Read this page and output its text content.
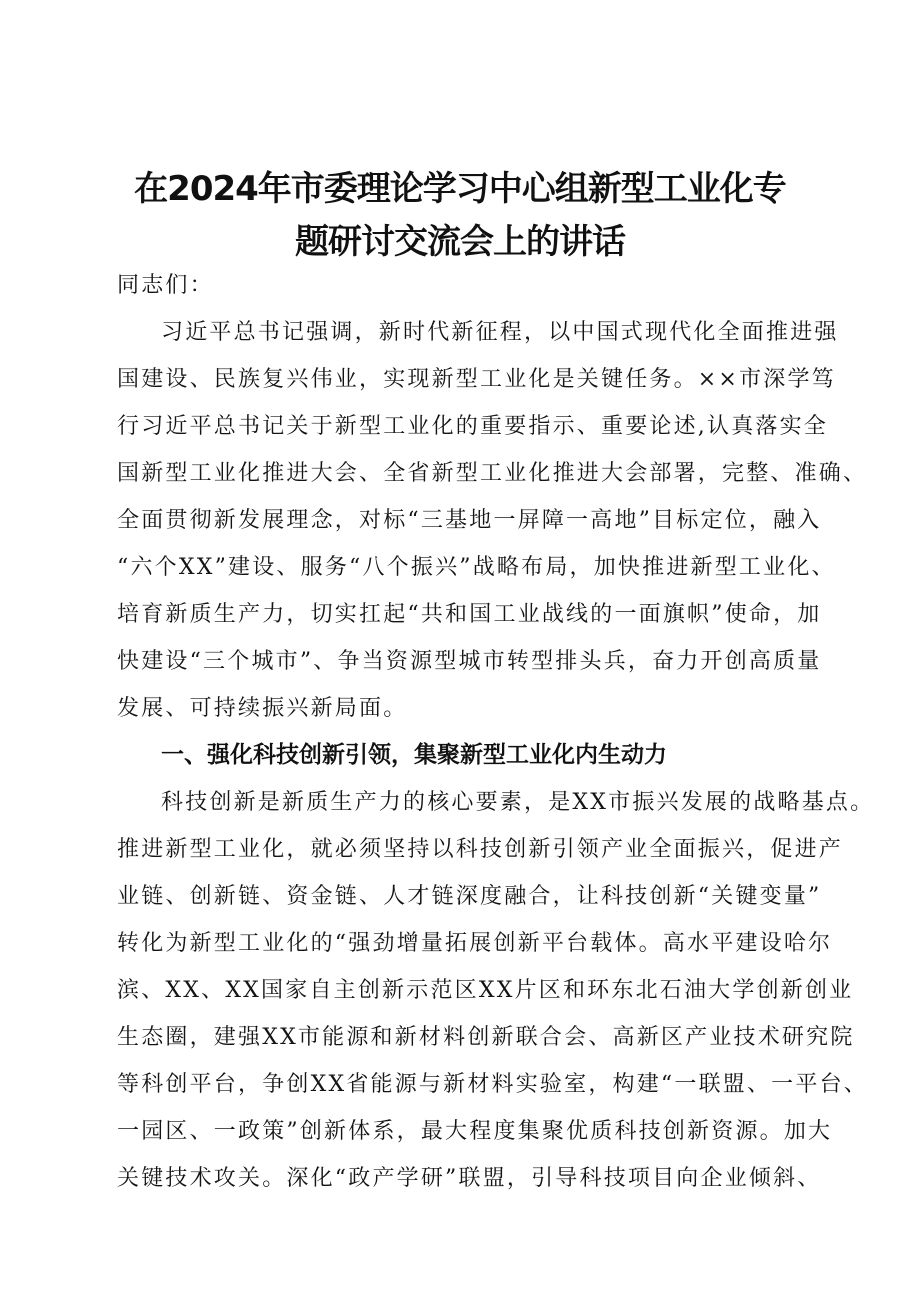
在2024年市委理论学习中心组新型工业化专
题研讨交流会上的讲话
同志们：
习近平总书记强调，新时代新征程，以中国式现代化全面推进强
国建设、民族复兴伟业，实现新型工业化是关键任务。××市深学笃
行习近平总书记关于新型工业化的重要指示、重要论述,认真落实全
国新型工业化推进大会、全省新型工业化推进大会部署，完整、准确、
全面贯彻新发展理念，对标“三基地一屏障一高地”目标定位，融入
“六个XX”建设、服务“八个振兴”战略布局，加快推进新型工业化、
培育新质生产力，切实扛起“共和国工业战线的一面旗帜”使命，加
快建设“三个城市”、争当资源型城市转型排头兵，奋力开创高质量
发展、可持续振兴新局面。
一、强化科技创新引领，集聚新型工业化内生动力
科技创新是新质生产力的核心要素，是XX市振兴发展的战略基点。
推进新型工业化，就必须坚持以科技创新引领产业全面振兴，促进产
业链、创新链、资金链、人才链深度融合，让科技创新“关键变量”
转化为新型工业化的“强劲增量拓展创新平台载体。高水平建设哈尔
滨、XX、XX国家自主创新示范区XX片区和环东北石油大学创新创业
生态圈，建强XX市能源和新材料创新联合会、高新区产业技术研究院
等科创平台，争创XX省能源与新材料实验室，构建“一联盟、一平台、
一园区、一政策”创新体系，最大程度集聚优质科技创新资源。加大
关键技术攻关。深化“政产学研”联盟，引导科技项目向企业倾斜、
